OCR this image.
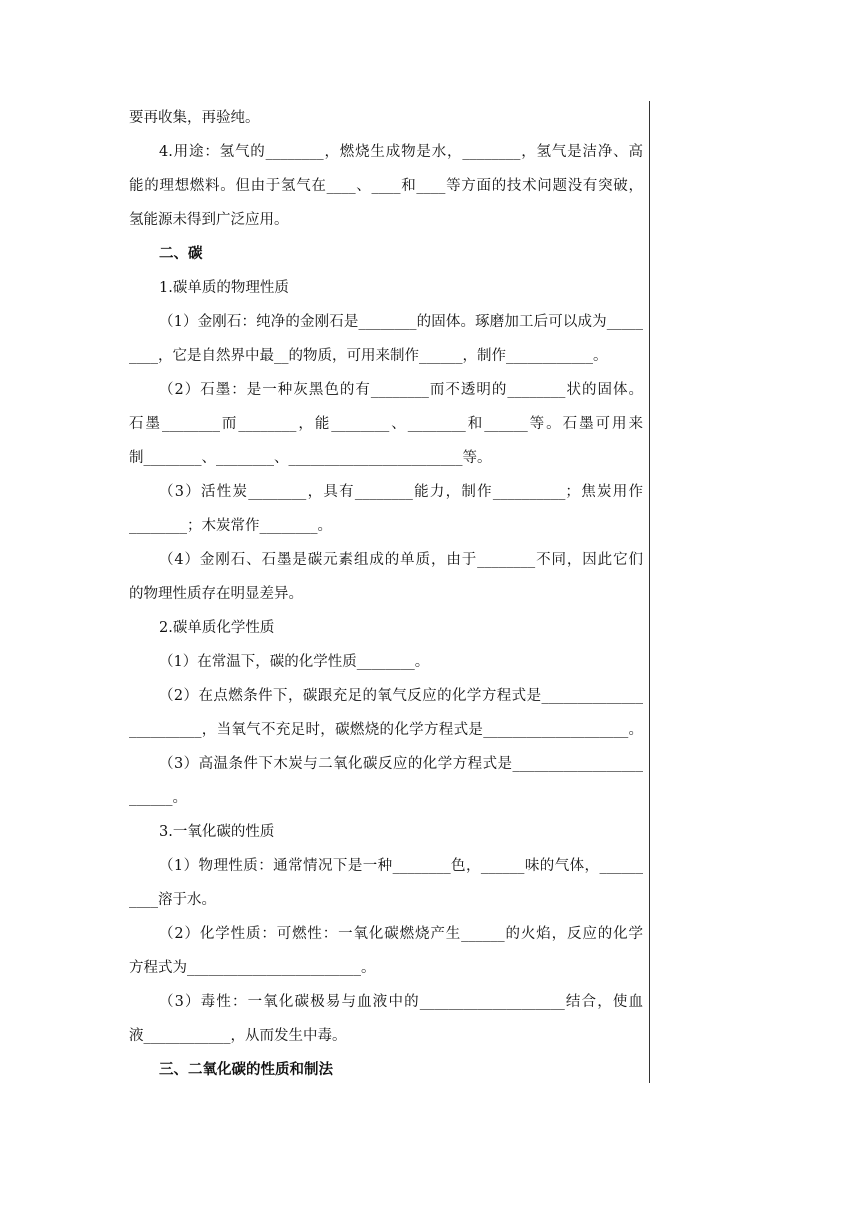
要再收集，再验纯。
4.用途：氢气的________，燃烧生成物是水，________，氢气是洁净、高
能的理想燃料。但由于氢气在____、____和____等方面的技术问题没有突破，
氢能源未得到广泛应用。
二、碳
1.碳单质的物理性质
（1）金刚石：纯净的金刚石是________的固体。琢磨加工后可以成为_____
____，它是自然界中最__的物质，可用来制作______，制作____________。
（2）石墨：是一种灰黑色的有________而不透明的________状的固体。
石墨________而________，能________、________和______等。石墨可用来
制________、________、________________________等。
（3）活性炭________，具有________能力，制作__________；焦炭用作
________；木炭常作________。
（4）金刚石、石墨是碳元素组成的单质，由于________不同，因此它们
的物理性质存在明显差异。
2.碳单质化学性质
（1）在常温下，碳的化学性质________。
（2）在点燃条件下，碳跟充足的氧气反应的化学方程式是______________
__________，当氧气不充足时，碳燃烧的化学方程式是____________________。
（3）高温条件下木炭与二氧化碳反应的化学方程式是__________________
______。
3.一氧化碳的性质
（1）物理性质：通常情况下是一种________色，______味的气体，______
____溶于水。
（2）化学性质：可燃性：一氧化碳燃烧产生______的火焰，反应的化学
方程式为________________________。
（3）毒性：一氧化碳极易与血液中的____________________结合，使血
液____________，从而发生中毒。
三、二氧化碳的性质和制法
